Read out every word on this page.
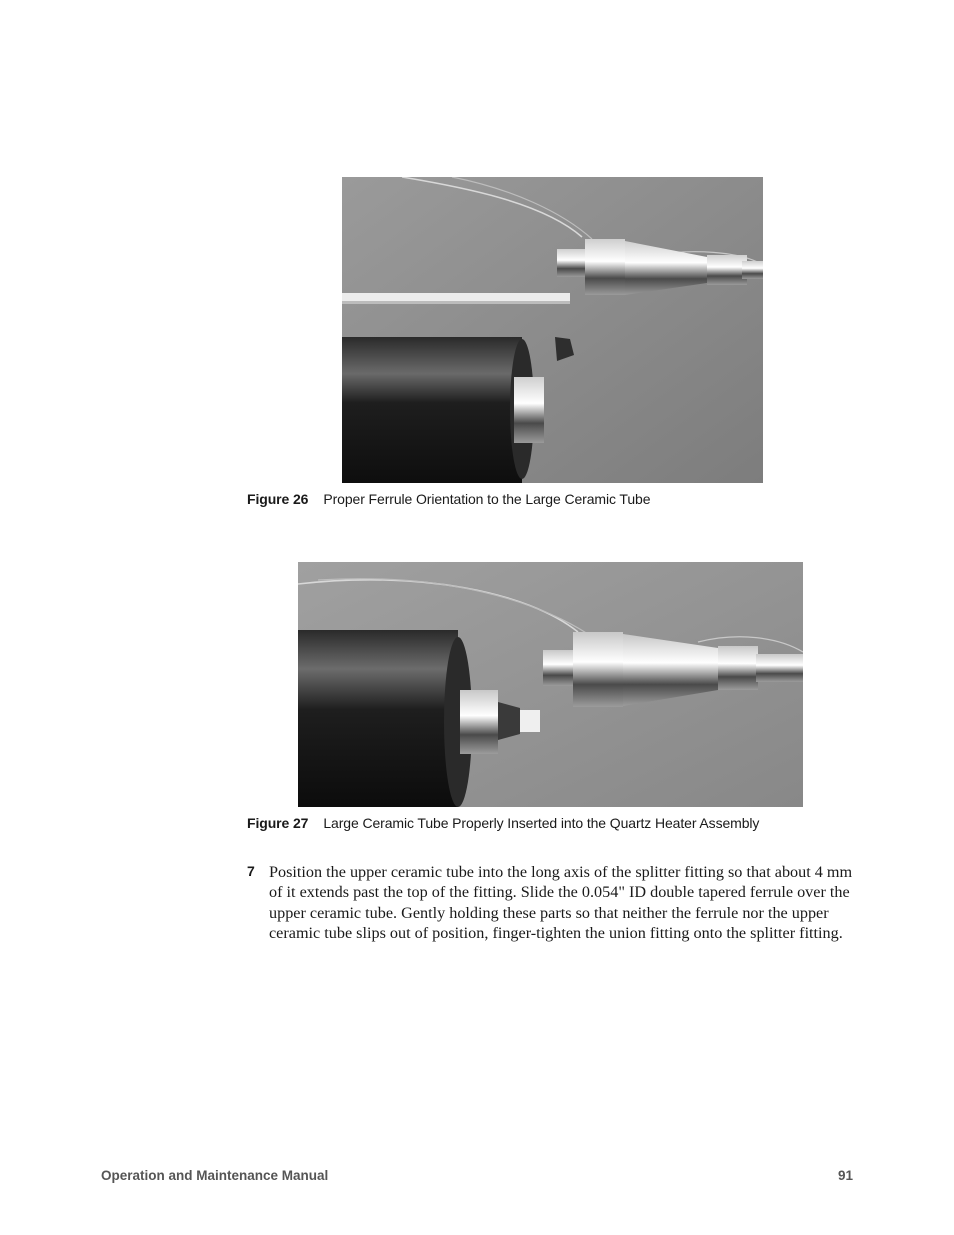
Figure 26 Proper Ferrule Orientation to the Large Ceramic Tube
Figure 27 Large Ceramic Tube Properly Inserted into the Quartz Heater Assembly
7 Position the upper ceramic tube into the long axis of the splitter fitting so that about 4 mm of it extends past the top of the fitting. Slide the 0.054" ID double tapered ferrule over the upper ceramic tube. Gently holding these parts so that neither the ferrule nor the upper ceramic tube slips out of position, finger-tighten the union fitting onto the splitter fitting.
Operation and Maintenance Manual	91
